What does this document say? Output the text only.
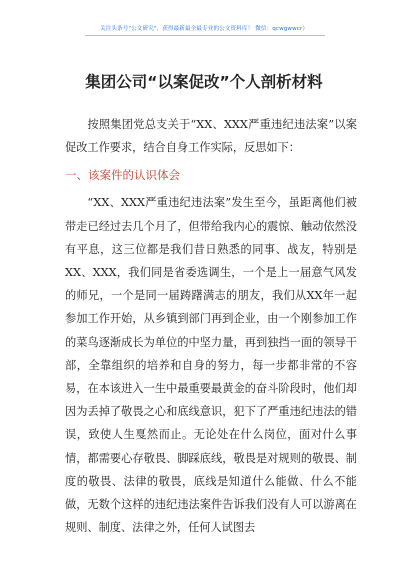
关注头条号"公文研究"，获得最新最全最专业的公文资料库！ 微信：qcwgwwcr）
集团公司“以案促改”个人剖析材料

按照集团党总支关于“XX、XXX严重违纪违法案”以案促改工作要求，结合自身工作实际，反思如下：

一、该案件的认识体会

“XX、XXX严重违纪违法案”发生至今，虽距离他们被带走已经过去几个月了，但带给我内心的震惊、触动依然没有平息，这三位都是我们昔日熟悉的同事、战友，特别是XX、XXX，我们同是省委选调生，一个是上一届意气风发的师兄，一个是同一届踌躇满志的朋友，我们从XX年一起参加工作开始，从乡镇到部门再到企业，由一个刚参加工作的菜鸟逐渐成长为单位的中坚力量，再到独挡一面的领导干部，全靠组织的培养和自身的努力，每一步都非常的不容易，在本该进入一生中最重要最黄金的奋斗阶段时，他们却因为丢掉了敬畏之心和底线意识，犯下了严重违纪违法的错误，致使人生戛然而止。无论处在什么岗位，面对什么事情，都需要心存敬畏、脚踩底线，敬畏是对规则的敬畏、制度的敬畏、法律的敬畏，底线是知道什么能做、什么不能做，无数个这样的违纪违法案件告诉我们没有人可以游离在规则、制度、法律之外，任何人试图去
